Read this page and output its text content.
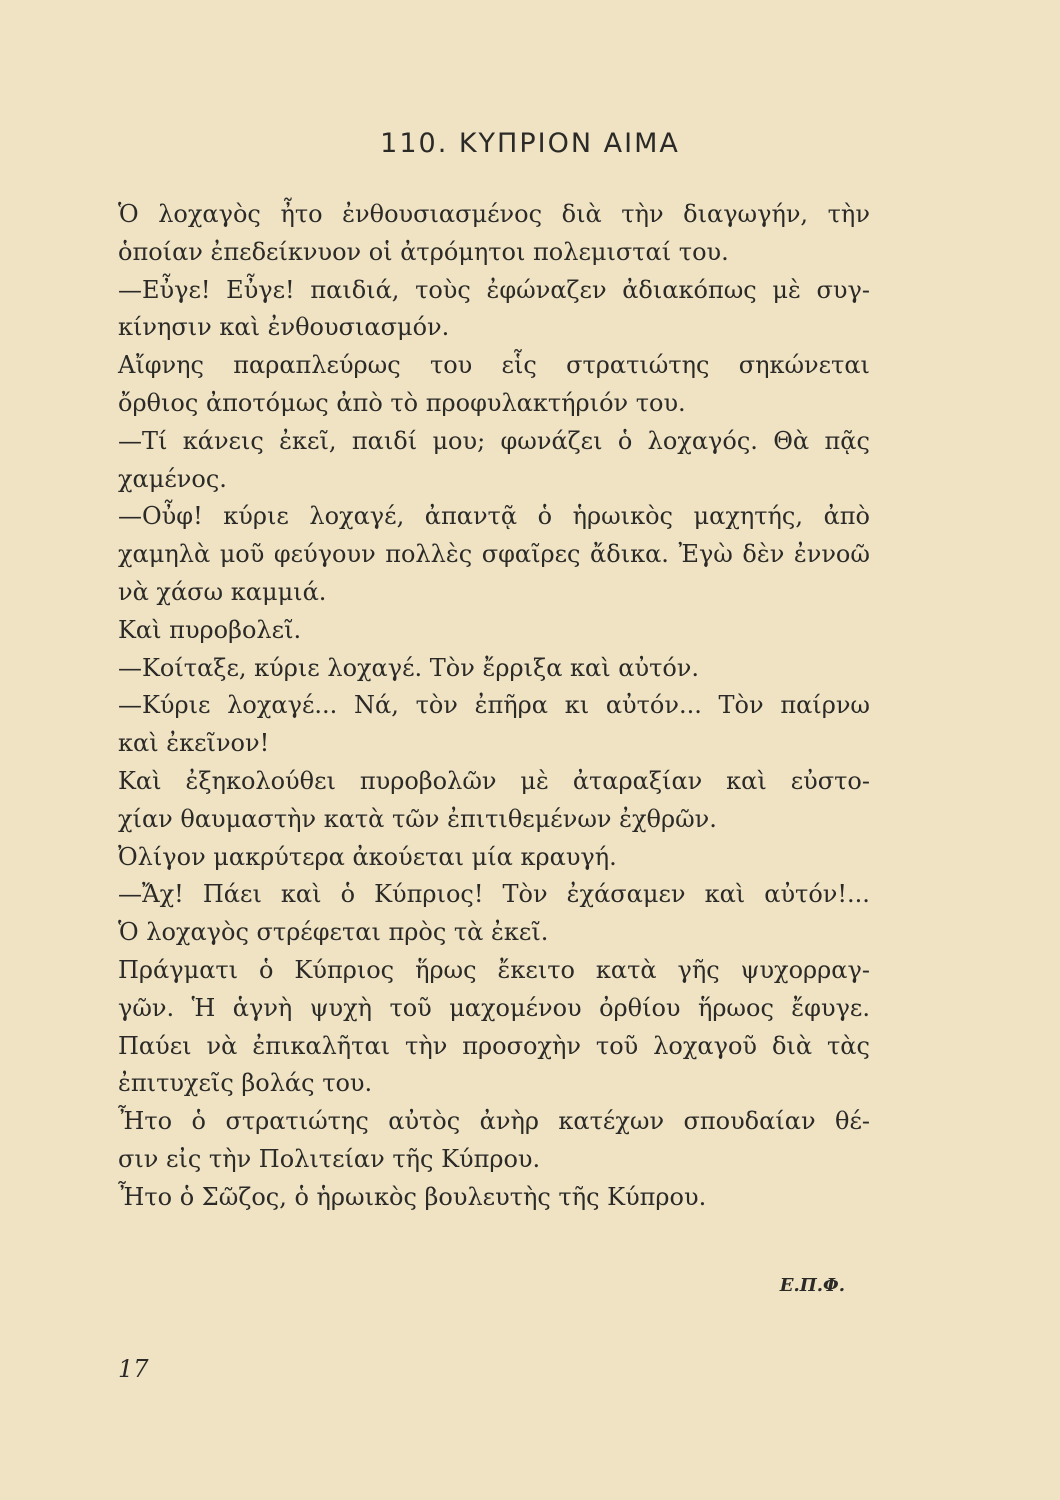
110. ΚΥΠΡΙΟΝ ΑΙΜΑ
Ὁ λοχαγὸς ἦτο ἐνθουσιασμένος διὰ τὴν διαγωγήν, τὴν
ὁποίαν ἐπεδείκνυον οἱ ἀτρόμητοι πολεμισταί του.
—Εὖγε! Εὖγε! παιδιά, τοὺς ἐφώναζεν ἀδιακόπως μὲ συγ-
κίνησιν καὶ ἐνθουσιασμόν.
Αἴφνης παραπλεύρως του εἷς στρατιώτης σηκώνεται
ὄρθιος ἀποτόμως ἀπὸ τὸ προφυλακτήριόν του.
—Τί κάνεις ἐκεῖ, παιδί μου; φωνάζει ὁ λοχαγός. Θὰ πᾷς
χαμένος.
—Οὖφ! κύριε λοχαγέ, ἀπαντᾷ ὁ ἡρωικὸς μαχητής, ἀπὸ
χαμηλὰ μοῦ φεύγουν πολλὲς σφαῖρες ἄδικα. Ἐγὼ δὲν ἐννοῶ
νὰ χάσω καμμιά.
Καὶ πυροβολεῖ.
—Κοίταξε, κύριε λοχαγέ. Τὸν ἔρριξα καὶ αὐτόν.
—Κύριε λοχαγέ... Νά, τὸν ἐπῆρα κι αὐτόν... Τὸν παίρνω
καὶ ἐκεῖνον!
Καὶ ἐξηκολούθει πυροβολῶν μὲ ἀταραξίαν καὶ εὐστο-
χίαν θαυμαστὴν κατὰ τῶν ἐπιτιθεμένων ἐχθρῶν.
Ὀλίγον μακρύτερα ἀκούεται μία κραυγή.
—Ἄχ! Πάει καὶ ὁ Κύπριος! Τὸν ἐχάσαμεν καὶ αὐτόν!...
Ὁ λοχαγὸς στρέφεται πρὸς τὰ ἐκεῖ.
Πράγματι ὁ Κύπριος ἥρως ἔκειτο κατὰ γῆς ψυχορραγ-
γῶν. Ἡ ἁγνὴ ψυχὴ τοῦ μαχομένου ὀρθίου ἥρωος ἔφυγε.
Παύει νὰ ἐπικαλῆται τὴν προσοχὴν τοῦ λοχαγοῦ διὰ τὰς
ἐπιτυχεῖς βολάς του.
Ἦτο ὁ στρατιώτης αὐτὸς ἀνὴρ κατέχων σπουδαίαν θέ-
σιν εἰς τὴν Πολιτείαν τῆς Κύπρου.
Ἦτο ὁ Σῶζος, ὁ ἡρωικὸς βουλευτὴς τῆς Κύπρου.
Ε.Π.Φ.
17
